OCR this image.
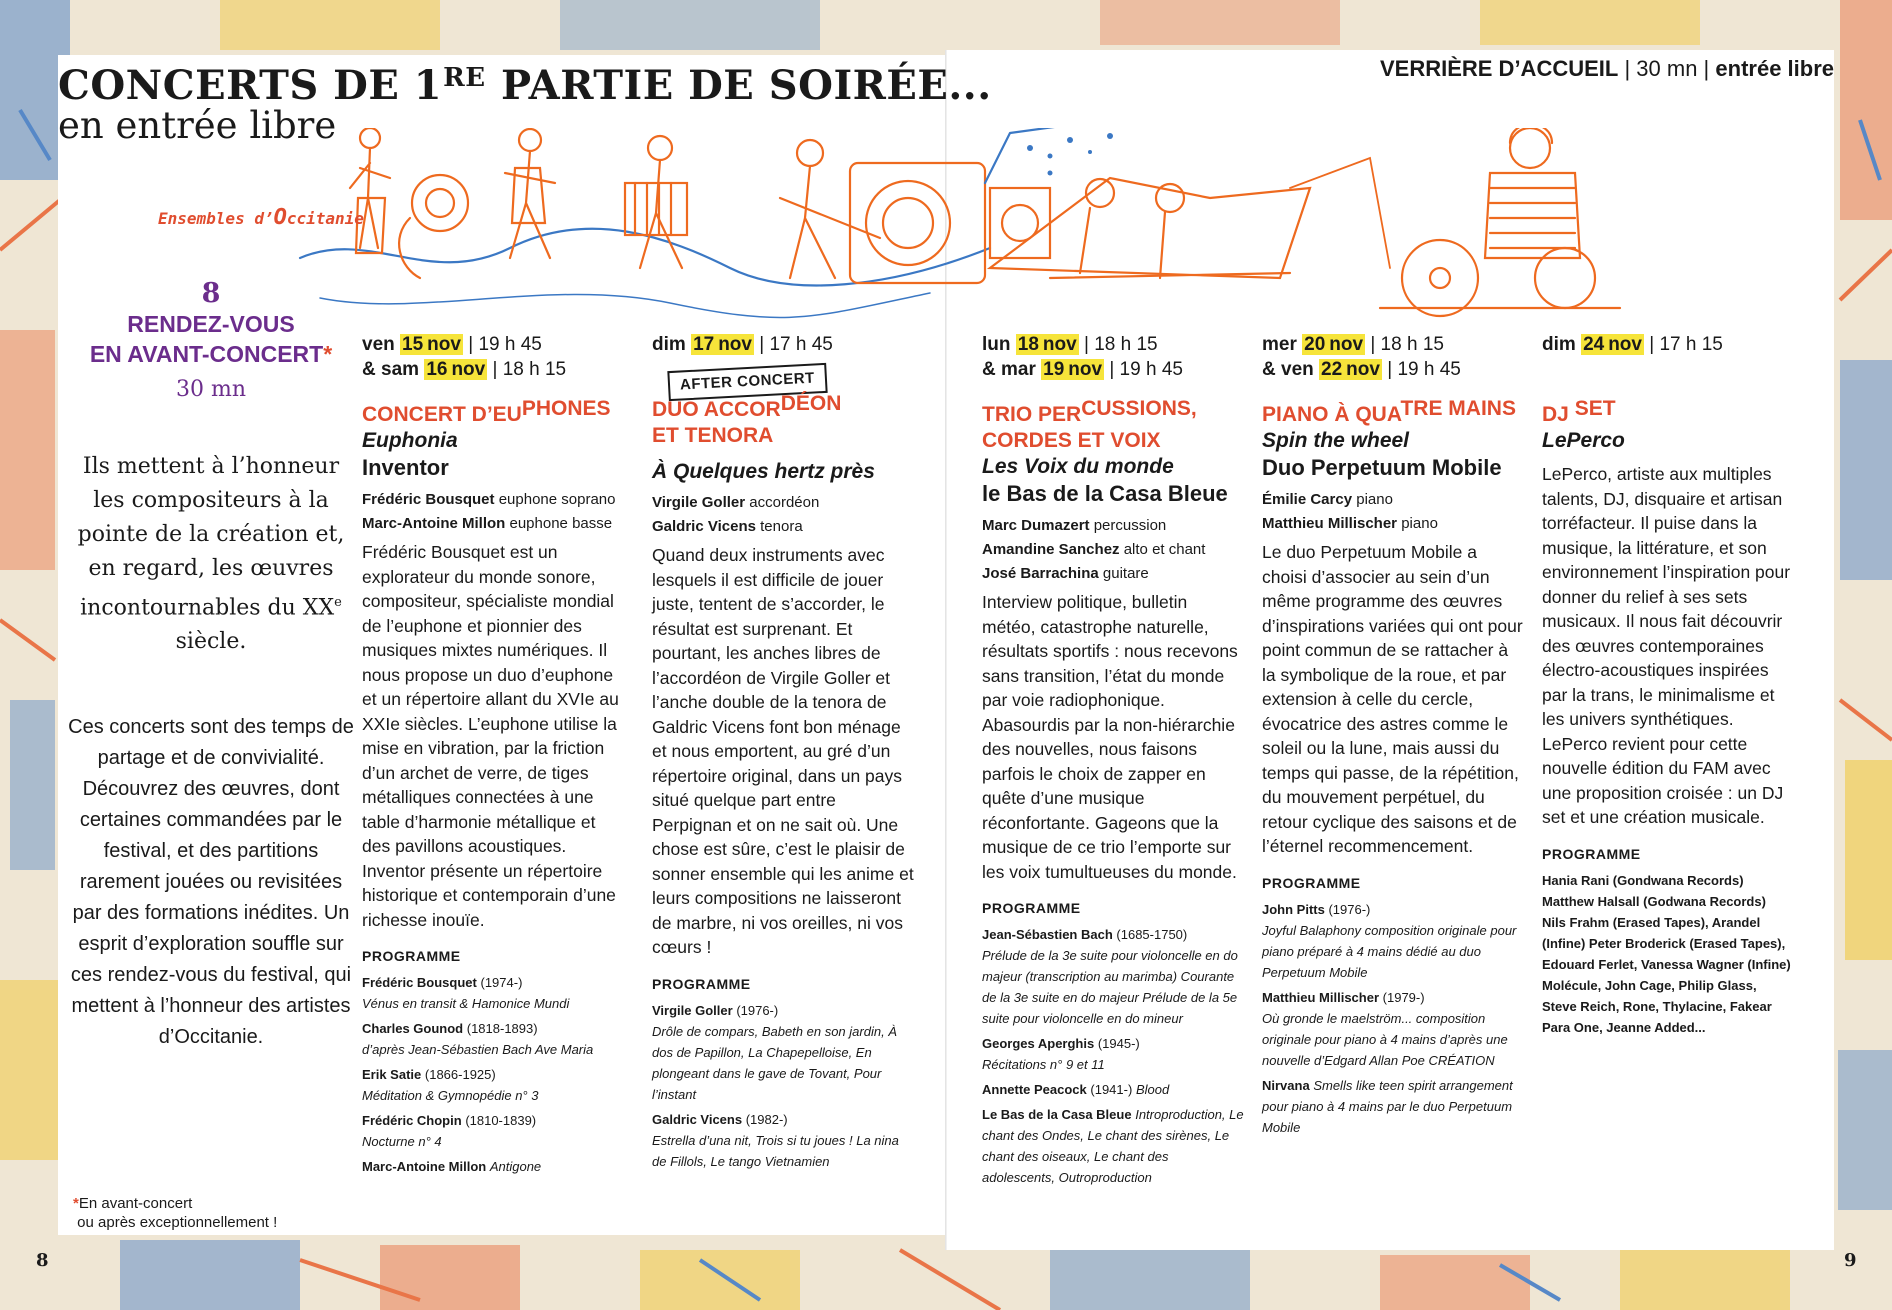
CONCERTS DE 1RE PARTIE DE SOIRÉE...
en entrée libre
VERRIÈRE D’ACCUEIL | 30 mn | entrée libre
Ensembles d’Occitanie
8
RENDEZ-VOUS
EN AVANT-CONCERT*
30 mn
Ils mettent à l’honneur les compositeurs à la pointe de la création et, en regard, les œuvres incontournables du XXe siècle.
Ces concerts sont des temps de partage et de convivialité. Découvrez des œuvres, dont certaines commandées par le festival, et des partitions rarement jouées ou revisitées par des formations inédites. Un esprit d’exploration souffle sur ces rendez-vous du festival, qui mettent à l’honneur des artistes d’Occitanie.
*En avant-concert
ou après exceptionnellement !
8	9
ven 15 nov | 19 h 45
& sam 16 nov | 18 h 15
CONCERT D’EUPHONES
Euphonia
Inventor
Frédéric Bousquet euphone soprano
Marc-Antoine Millon euphone basse
Frédéric Bousquet est un explorateur du monde sonore, compositeur, spécialiste mondial de l’euphone et pionnier des musiques mixtes numériques. Il nous propose un duo d’euphone et un répertoire allant du XVIe au XXIe siècles. L’euphone utilise la mise en vibration, par la friction d’un archet de verre, de tiges métalliques connectées à une table d’harmonie métallique et des pavillons acoustiques. Inventor présente un répertoire historique et contemporain d’une richesse inouïe.
PROGRAMME
Frédéric Bousquet (1974-)
Vénus en transit & Hamonice Mundi
Charles Gounod (1818-1893)
d’après Jean-Sébastien Bach Ave Maria
Erik Satie (1866-1925)
Méditation & Gymnopédie n° 3
Frédéric Chopin (1810-1839)
Nocturne n° 4
Marc-Antoine Millon Antigone
dim 17 nov | 17 h 45
AFTER CONCERT
DUO ACCORDÉON
ET TENORA
À Quelques hertz près
Virgile Goller accordéon
Galdric Vicens tenora
Quand deux instruments avec lesquels il est difficile de jouer juste, tentent de s’accorder, le résultat est surprenant. Et pourtant, les anches libres de l’accordéon de Virgile Goller et l’anche double de la tenora de Galdric Vicens font bon ménage et nous emportent, au gré d’un répertoire original, dans un pays situé quelque part entre Perpignan et on ne sait où. Une chose est sûre, c’est le plaisir de sonner ensemble qui les anime et leurs compositions ne laisseront de marbre, ni vos oreilles, ni vos cœurs !
PROGRAMME
Virgile Goller (1976-)
Drôle de compars, Babeth en son jardin, À dos de Papillon, La Chapepelloise, En plongeant dans le gave de Tovant, Pour l’instant
Galdric Vicens (1982-)
Estrella d’una nit, Trois si tu joues ! La nina de Fillols, Le tango Vietnamien
lun 18 nov | 18 h 15
& mar 19 nov | 19 h 45
TRIO PERCUSSIONS,
CORDES ET VOIX
Les Voix du monde
le Bas de la Casa Bleue
Marc Dumazert percussion
Amandine Sanchez alto et chant
José Barrachina guitare
Interview politique, bulletin météo, catastrophe naturelle, résultats sportifs : nous recevons sans transition, l’état du monde par voie radiophonique. Abasourdis par la non-hiérarchie des nouvelles, nous faisons parfois le choix de zapper en quête d’une musique réconfortante. Gageons que la musique de ce trio l’emporte sur les voix tumultueuses du monde.
PROGRAMME
Jean-Sébastien Bach (1685-1750)
Prélude de la 3e suite pour violoncelle en do majeur (transcription au marimba) Courante de la 3e suite en do majeur Prélude de la 5e suite pour violoncelle en do mineur
Georges Aperghis (1945-)
Récitations n° 9 et 11
Annette Peacock (1941-) Blood
Le Bas de la Casa Bleue Introproduction, Le chant des Ondes, Le chant des sirènes, Le chant des oiseaux, Le chant des adolescents, Outroproduction
mer 20 nov | 18 h 15
& ven 22 nov | 19 h 45
PIANO À QUATRE MAINS
Spin the wheel
Duo Perpetuum Mobile
Émilie Carcy piano
Matthieu Millischer piano
Le duo Perpetuum Mobile a choisi d’associer au sein d’un même programme des œuvres d’inspirations variées qui ont pour point commun de se rattacher à la symbolique de la roue, et par extension à celle du cercle, évocatrice des astres comme le soleil ou la lune, mais aussi du temps qui passe, de la répétition, du mouvement perpétuel, du retour cyclique des saisons et de l’éternel recommencement.
PROGRAMME
John Pitts (1976-)
Joyful Balaphony composition originale pour piano préparé à 4 mains dédié au duo Perpetuum Mobile
Matthieu Millischer (1979-)
Où gronde le maelström... composition originale pour piano à 4 mains d’après une nouvelle d’Edgard Allan Poe CRÉATION
Nirvana Smells like teen spirit arrangement pour piano à 4 mains par le duo Perpetuum Mobile
dim 24 nov | 17 h 15
DJ SET
LePerco
LePerco, artiste aux multiples talents, DJ, disquaire et artisan torréfacteur. Il puise dans la musique, la littérature, et son environnement l’inspiration pour donner du relief à ses sets musicaux. Il nous fait découvrir des œuvres contemporaines électro-acoustiques inspirées par la trans, le minimalisme et les univers synthétiques. LePerco revient pour cette nouvelle édition du FAM avec une proposition croisée : un DJ set et une création musicale.
PROGRAMME
Hania Rani (Gondwana Records) Matthew Halsall (Godwana Records) Nils Frahm (Erased Tapes), Arandel (Infine) Peter Broderick (Erased Tapes), Edouard Ferlet, Vanessa Wagner (Infine) Molécule, John Cage, Philip Glass, Steve Reich, Rone, Thylacine, Fakear Para One, Jeanne Added...
